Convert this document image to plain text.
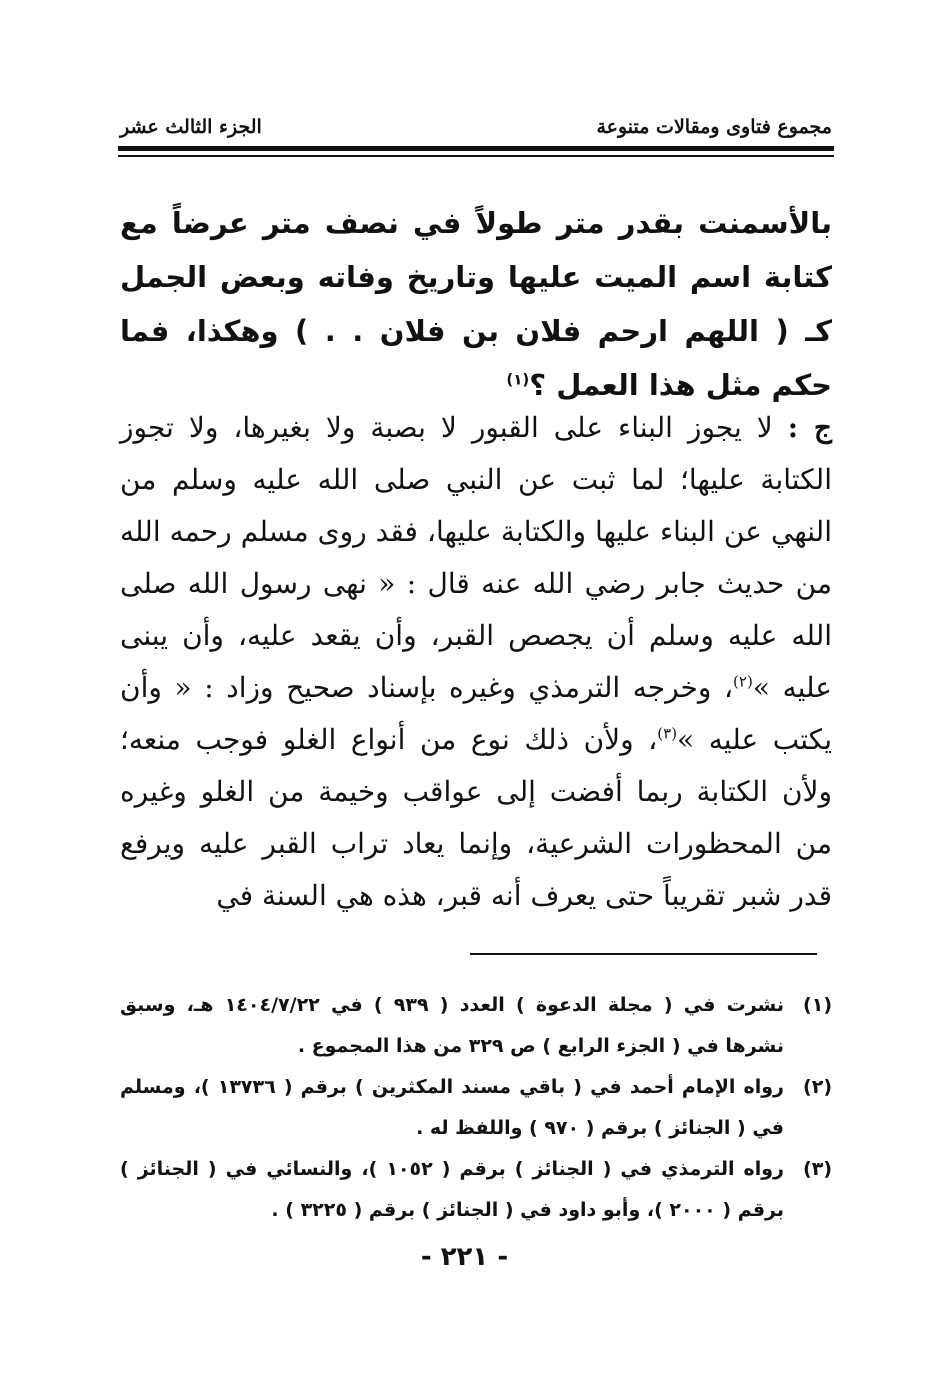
مجموع فتاوى ومقالات متنوعة
الجزء الثالث عشر
بالأسمنت بقدر متر طولاً في نصف متر عرضاً مع كتابة اسم الميت عليها وتاريخ وفاته وبعض الجمل كـ ( اللهم ارحم فلان بن فلان . . ) وهكذا، فما حكم مثل هذا العمل ؟$^{(١)}$
ج : لا يجوز البناء على القبور لا بصبة ولا بغيرها، ولا تجوز الكتابة عليها؛ لما ثبت عن النبي صلى الله عليه وسلم من النهي عن البناء عليها والكتابة عليها، فقد روى مسلم رحمه الله من حديث جابر رضي الله عنه قال : « نهى رسول الله صلى الله عليه وسلم أن يجصص القبر، وأن يقعد عليه، وأن يبنى عليه »$^{(٢)}$، وخرجه الترمذي وغيره بإسناد صحيح وزاد : « وأن يكتب عليه »$^{(٣)}$، ولأن ذلك نوع من أنواع الغلو فوجب منعه؛ ولأن الكتابة ربما أفضت إلى عواقب وخيمة من الغلو وغيره من المحظورات الشرعية، وإنما يعاد تراب القبر عليه ويرفع قدر شبر تقريباً حتى يعرف أنه قبر، هذه هي السنة في
(١)
نشرت في ( مجلة الدعوة ) العدد ( ٩٣٩ ) في ١٤٠٤/٧/٢٢ هـ، وسبق نشرها في ( الجزء الرابع ) ص ٣٢٩ من هذا المجموع .
(٢)
رواه الإمام أحمد في ( باقي مسند المكثرين ) برقم ( ١٣٧٣٦ )، ومسلم في ( الجنائز ) برقم ( ٩٧٠ ) واللفظ له .
(٣)
رواه الترمذي في ( الجنائز ) برقم ( ١٠٥٢ )، والنسائي في ( الجنائز ) برقم ( ٢٠٠٠ )، وأبو داود في ( الجنائز ) برقم ( ٣٢٢٥ ) .
- ٢٢١ -
